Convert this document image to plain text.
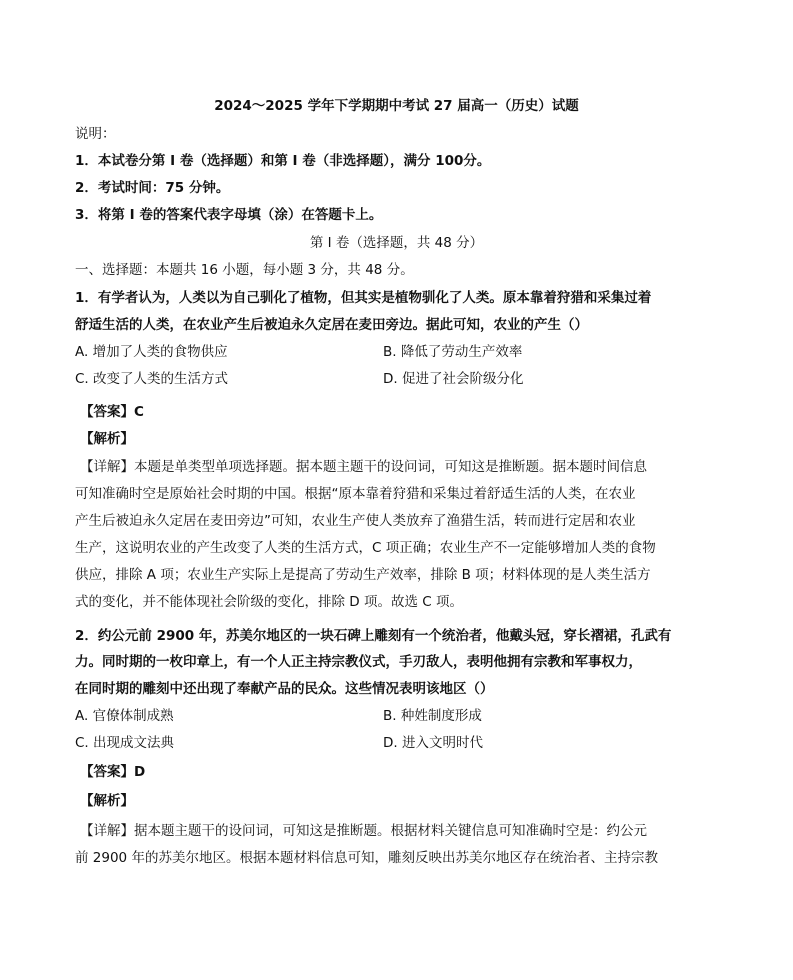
2024～2025 学年下学期期中考试 27 届高一（历史）试题
说明：
1．本试卷分第 I 卷（选择题）和第 I 卷（非选择题），满分 100分。
2．考试时间：75 分钟。
3．将第 I 卷的答案代表字母填（涂）在答题卡上。
第 I 卷（选择题，共 48 分）
一、选择题：本题共 16 小题，每小题 3 分，共 48 分。
1．有学者认为，人类以为自己驯化了植物，但其实是植物驯化了人类。原本靠着狩猎和采集过着
舒适生活的人类，在农业产生后被迫永久定居在麦田旁边。据此可知，农业的产生（）
A. 增加了人类的食物供应	B. 降低了劳动生产效率
C. 改变了人类的生活方式	D. 促进了社会阶级分化
【答案】C
【解析】
【详解】本题是单类型单项选择题。据本题主题干的设问词，可知这是推断题。据本题时间信息
可知准确时空是原始社会时期的中国。根据“原本靠着狩猎和采集过着舒适生活的人类，在农业
产生后被迫永久定居在麦田旁边”可知，农业生产使人类放弃了渔猎生活，转而进行定居和农业
生产，这说明农业的产生改变了人类的生活方式，C 项正确；农业生产不一定能够增加人类的食物
供应，排除 A 项；农业生产实际上是提高了劳动生产效率，排除 B 项；材料体现的是人类生活方
式的变化，并不能体现社会阶级的变化，排除 D 项。故选 C 项。
2．约公元前 2900 年，苏美尔地区的一块石碑上雕刻有一个统治者，他戴头冠，穿长褶裙，孔武有
力。同时期的一枚印章上，有一个人正主持宗教仪式，手刃敌人，表明他拥有宗教和军事权力，
在同时期的雕刻中还出现了奉献产品的民众。这些情况表明该地区（）
A. 官僚体制成熟	B. 种姓制度形成
C. 出现成文法典	D. 进入文明时代
【答案】D
【解析】
【详解】据本题主题干的设问词，可知这是推断题。根据材料关键信息可知准确时空是：约公元
前 2900 年的苏美尔地区。根据本题材料信息可知，雕刻反映出苏美尔地区存在统治者、主持宗教
